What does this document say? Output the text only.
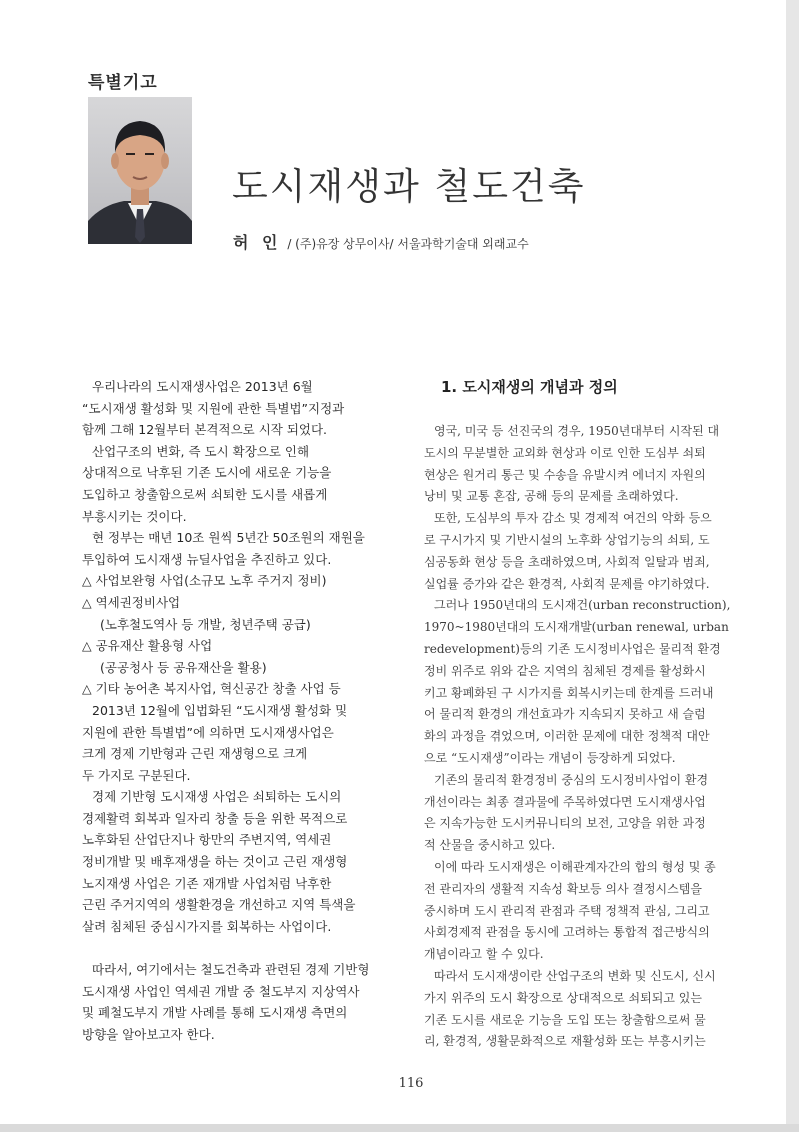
특별기고
도시재생과 철도건축
허 인 / (주)유장 상무이사/ 서울과학기술대 외래교수
우리나라의 도시재생사업은 2013년 6월
“도시재생 활성화 및 지원에 관한 특별법”지정과
함께 그해 12월부터 본격적으로 시작 되었다.
산업구조의 변화, 즉 도시 확장으로 인해
상대적으로 낙후된 기존 도시에 새로운 기능을
도입하고 창출함으로써 쇠퇴한 도시를 새롭게
부흥시키는 것이다.
현 정부는 매년 10조 원씩 5년간 50조원의 재원을
투입하여 도시재생 뉴딜사업을 추진하고 있다.
△ 사업보완형 사업(소규모 노후 주거지 정비)
△ 역세권정비사업
(노후철도역사 등 개발, 청년주택 공급)
△ 공유재산 활용형 사업
(공공청사 등 공유재산을 활용)
△ 기타 농어촌 복지사업, 혁신공간 창출 사업 등
2013년 12월에 입법화된 “도시재생 활성화 및
지원에 관한 특별법”에 의하면 도시재생사업은
크게 경제 기반형과 근린 재생형으로 크게
두 가지로 구분된다.
경제 기반형 도시재생 사업은 쇠퇴하는 도시의
경제활력 회복과 일자리 창출 등을 위한 목적으로
노후화된 산업단지나 항만의 주변지역, 역세권
정비개발 및 배후재생을 하는 것이고 근린 재생형
노지재생 사업은 기존 재개발 사업처럼 낙후한
근린 주거지역의 생활환경을 개선하고 지역 특색을
살려 침체된 중심시가지를 회복하는 사업이다.
따라서, 여기에서는 철도건축과 관련된 경제 기반형
도시재생 사업인 역세권 개발 중 철도부지 지상역사
및 폐철도부지 개발 사례를 통해 도시재생 측면의
방향을 알아보고자 한다.
1. 도시재생의 개념과 정의
영국, 미국 등 선진국의 경우, 1950년대부터 시작된 대
도시의 무분별한 교외화 현상과 이로 인한 도심부 쇠퇴
현상은 원거리 통근 및 수송을 유발시켜 에너지 자원의
낭비 및 교통 혼잡, 공해 등의 문제를 초래하였다.
또한, 도심부의 투자 감소 및 경제적 여건의 악화 등으
로 구시가지 및 기반시설의 노후화 상업기능의 쇠퇴, 도
심공동화 현상 등을 초래하였으며, 사회적 일탈과 범죄,
실업률 증가와 같은 환경적, 사회적 문제를 야기하였다.
그러나 1950년대의 도시재건(urban reconstruction),
1970~1980년대의 도시재개발(urban renewal, urban
redevelopment)등의 기존 도시정비사업은 물리적 환경
정비 위주로 위와 같은 지역의 침체된 경제를 활성화시
키고 황폐화된 구 시가지를 회복시키는데 한계를 드러내
어 물리적 환경의 개선효과가 지속되지 못하고 새 슬럼
화의 과정을 겪었으며, 이러한 문제에 대한 정책적 대안
으로 “도시재생”이라는 개념이 등장하게 되었다.
기존의 물리적 환경정비 중심의 도시정비사업이 환경
개선이라는 최종 결과물에 주목하였다면 도시재생사업
은 지속가능한 도시커뮤니티의 보전, 고양을 위한 과정
적 산물을 중시하고 있다.
이에 따라 도시재생은 이해관계자간의 합의 형성 및 종
전 관리자의 생활적 지속성 확보등 의사 결정시스템을
중시하며 도시 관리적 관점과 주택 정책적 관심, 그리고
사회경제적 관점을 동시에 고려하는 통합적 접근방식의
개념이라고 할 수 있다.
따라서 도시재생이란 산업구조의 변화 및 신도시, 신시
가지 위주의 도시 확장으로 상대적으로 쇠퇴되고 있는
기존 도시를 새로운 기능을 도입 또는 창출함으로써 물
리, 환경적, 생활문화적으로 재활성화 또는 부흥시키는
116
